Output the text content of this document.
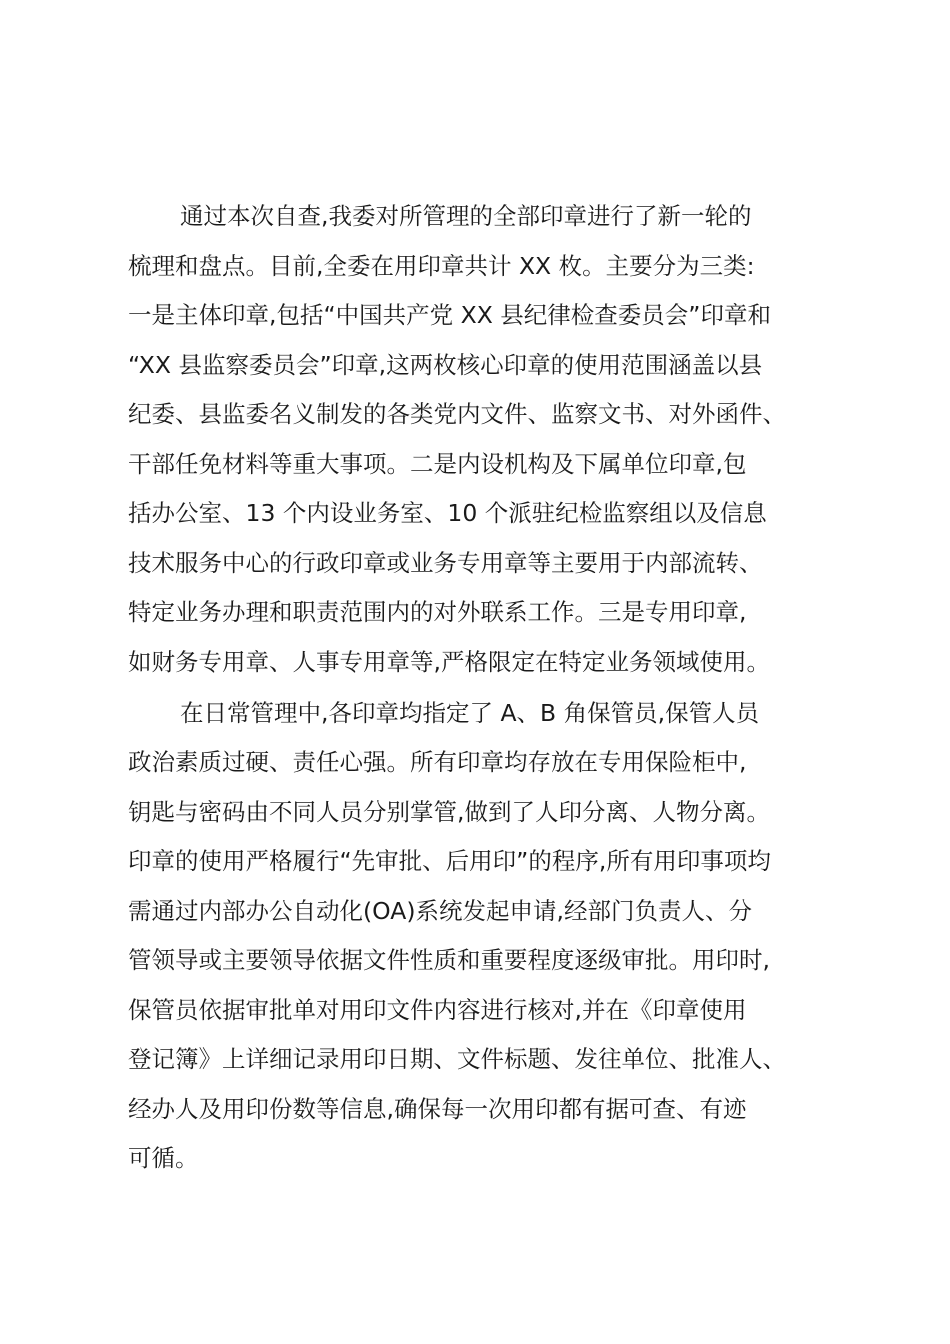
通过本次自查,我委对所管理的全部印章进行了新一轮的
梳理和盘点。目前,全委在用印章共计 XX 枚。主要分为三类:
一是主体印章,包括“中国共产党 XX 县纪律检查委员会”印章和
“XX 县监察委员会”印章,这两枚核心印章的使用范围涵盖以县
纪委、县监委名义制发的各类党内文件、监察文书、对外函件、
干部任免材料等重大事项。二是内设机构及下属单位印章,包
括办公室、13 个内设业务室、10 个派驻纪检监察组以及信息
技术服务中心的行政印章或业务专用章等主要用于内部流转、
特定业务办理和职责范围内的对外联系工作。三是专用印章,
如财务专用章、人事专用章等,严格限定在特定业务领域使用。

在日常管理中,各印章均指定了 A、B 角保管员,保管人员
政治素质过硬、责任心强。所有印章均存放在专用保险柜中,
钥匙与密码由不同人员分别掌管,做到了人印分离、人物分离。
印章的使用严格履行“先审批、后用印”的程序,所有用印事项均
需通过内部办公自动化(OA)系统发起申请,经部门负责人、分
管领导或主要领导依据文件性质和重要程度逐级审批。用印时,
保管员依据审批单对用印文件内容进行核对,并在《印章使用
登记簿》上详细记录用印日期、文件标题、发往单位、批准人、
经办人及用印份数等信息,确保每一次用印都有据可查、有迹
可循。
